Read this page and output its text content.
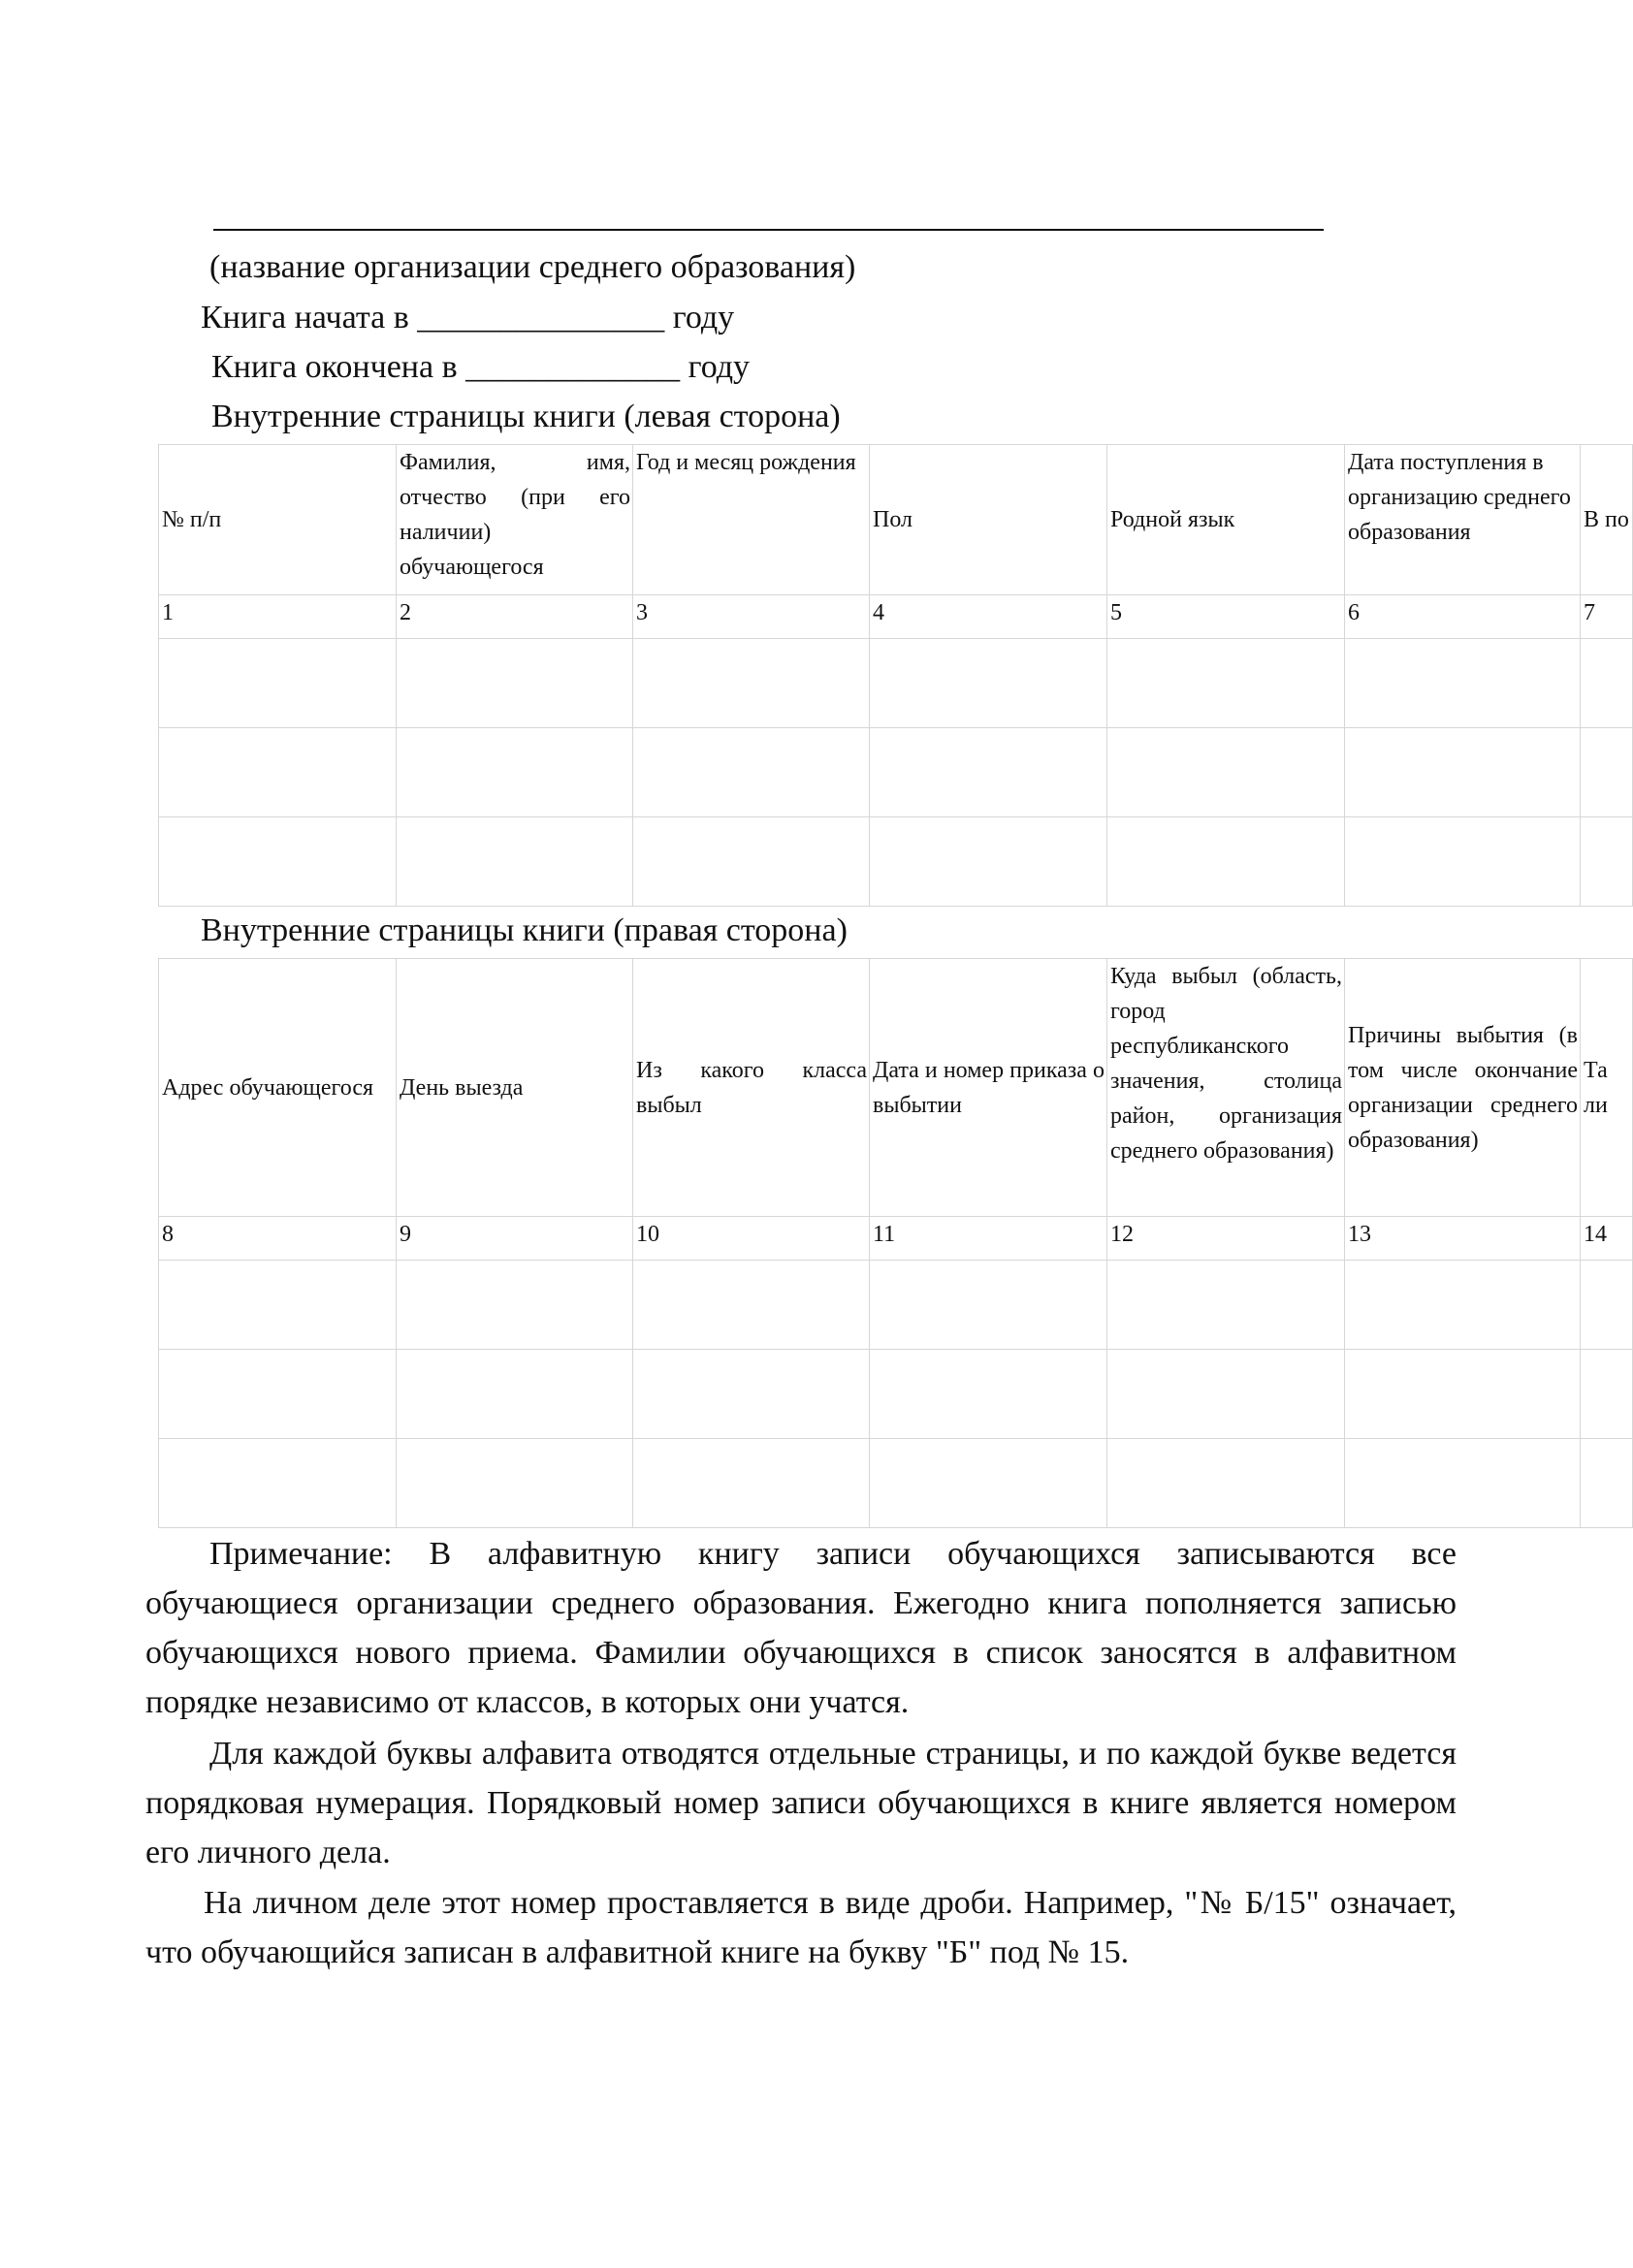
(название организации среднего образования)
Книга начата в _______________ году
Книга окончена в _____________ году
Внутренние страницы книги (левая сторона)
№ п/п	Фамилия, имя, отчество (при его наличии) обучающегося	Год и месяц рождения	Пол	Родной язык	Дата поступления в организацию среднего образования	В по
1	2	3	4	5	6	7

Внутренние страницы книги (правая сторона)
Адрес обучающегося	День выезда	Из какого класса выбыл	Дата и номер приказа о выбытии	Куда выбыл (область, город республиканского значения, столица район, организация среднего образования)	Причины выбытия (в том числе окончание организации среднего образования)	Та ли
8	9	10	11	12	13	14

Примечание: В алфавитную книгу записи обучающихся записываются все обучающиеся организации среднего образования. Ежегодно книга пополняется записью обучающихся нового приема. Фамилии обучающихся в список заносятся в алфавитном порядке независимо от классов, в которых они учатся.

Для каждой буквы алфавита отводятся отдельные страницы, и по каждой букве ведется порядковая нумерация. Порядковый номер записи обучающихся в книге является номером его личного дела.

На личном деле этот номер проставляется в виде дроби. Например, "№ Б/15" означает, что обучающийся записан в алфавитной книге на букву "Б" под № 15.
